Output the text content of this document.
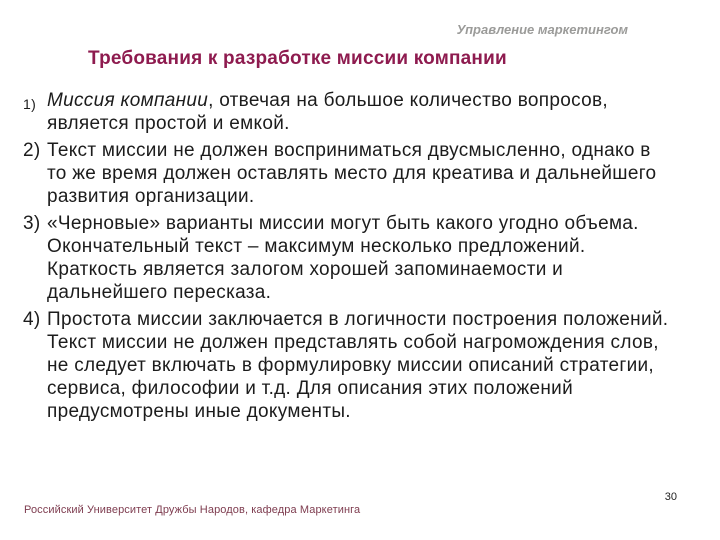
Управление маркетингом
Требования к разработке миссии компании
1) Миссия компании, отвечая на большое количество вопросов,
является простой и емкой.
2) Текст миссии не должен восприниматься двусмысленно, однако в
то же время должен оставлять место для креатива и дальнейшего
развития организации.
3) «Черновые» варианты миссии могут быть какого угодно объема.
Окончательный текст – максимум несколько предложений.
Краткость является залогом хорошей запоминаемости и
дальнейшего пересказа.
4) Простота миссии заключается в логичности построения положений.
Текст миссии не должен представлять собой нагромождения слов,
не следует включать в формулировку миссии описаний стратегии,
сервиса, философии и т.д. Для описания этих положений
предусмотрены иные документы.
Российский Университет Дружбы Народов, кафедра Маркетинга
30
